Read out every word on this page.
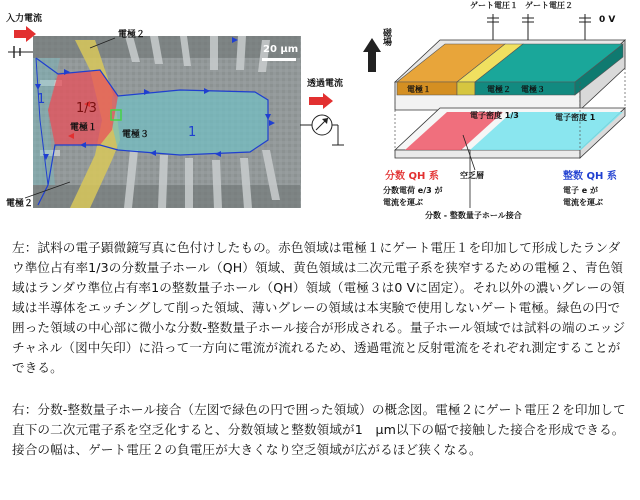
入力電流
電極２
1
1/3
電極１
電極３	1
20 μm
透過電流
電極２
ゲート電圧１ ゲート電圧２
0 V
磁場
電極１	電極２ 電極３
電子密度 1/3	電子密度 1
空乏層
分数 QH 系
分数電荷 e/3 が
電流を運ぶ
整数 QH 系
電子 e が
電流を運ぶ
分数 - 整数量子ホール接合
左：試料の電子顕微鏡写真に色付けしたもの。赤色領域は電極１にゲート電圧１を印加して形成したランダウ準位占有率1/3の分数量子ホール（QH）領域、黄色領域は二次元電子系を狭窄するための電極２、青色領域はランダウ準位占有率1の整数量子ホール（QH）領域（電極３は0 Vに固定）。それ以外の濃いグレーの領域は半導体をエッチングして削った領域、薄いグレーの領域は本実験で使用しないゲート電極。緑色の円で囲った領域の中心部に微小な分数-整数量子ホール接合が形成される。量子ホール領域では試料の端のエッジチャネル（図中矢印）に沿って一方向に電流が流れるため、透過電流と反射電流をそれぞれ測定することができる。
右：分数-整数量子ホール接合（左図で緑色の円で囲った領域）の概念図。電極２にゲート電圧２を印加して直下の二次元電子系を空乏化すると、分数領域と整数領域が1　μm以下の幅で接触した接合を形成できる。接合の幅は、ゲート電圧２の負電圧が大きくなり空乏領域が広がるほど狭くなる。
